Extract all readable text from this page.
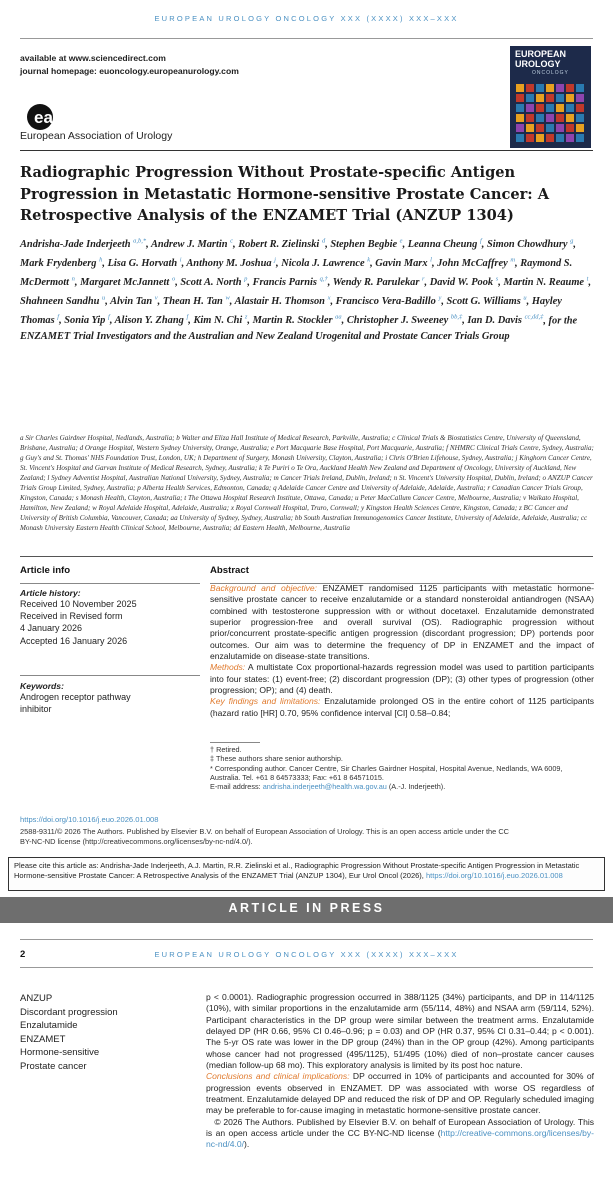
EUROPEAN UROLOGY ONCOLOGY XXX (XXXX) XXX–XXX
available at www.sciencedirect.com
journal homepage: euoncology.europeanurology.com
EUROPEAN
UROLOGY
ONCOLOGY
eau
European Association of Urology
Radiographic Progression Without Prostate-specific Antigen Progression in Metastatic Hormone-sensitive Prostate Cancer: A Retrospective Analysis of the ENZAMET Trial (ANZUP 1304)
Andrisha-Jade Inderjeeth $^{a,b,*}$, Andrew J. Martin $^c$, Robert R. Zielinski $^d$, Stephen Begbie $^e$, Leanna Cheung $^f$, Simon Chowdhury $^g$, Mark Frydenberg $^h$, Lisa G. Horvath $^i$, Anthony M. Joshua $^j$, Nicola J. Lawrence $^k$, Gavin Marx $^l$, John McCaffrey $^m$, Raymond S. McDermott $^n$, Margaret McJannett $^o$, Scott A. North $^p$, Francis Parnis $^{q,\dagger}$, Wendy R. Parulekar $^r$, David W. Pook $^s$, Martin N. Reaume $^t$, Shahneen Sandhu $^u$, Alvin Tan $^v$, Thean H. Tan $^w$, Alastair H. Thomson $^x$, Francisco Vera-Badillo $^y$, Scott G. Williams $^u$, Hayley Thomas $^f$, Sonia Yip $^f$, Alison Y. Zhang $^f$, Kim N. Chi $^z$, Martin R. Stockler $^{aa}$, Christopher J. Sweeney $^{bb,\ddagger}$, Ian D. Davis $^{cc,dd,\ddagger}$, for the ENZAMET Trial Investigators and the Australian and New Zealand Urogenital and Prostate Cancer Trials Group
a Sir Charles Gairdner Hospital, Nedlands, Australia; b Walter and Eliza Hall Institute of Medical Research, Parkville, Australia; c Clinical Trials & Biostatistics Centre, University of Queensland, Brisbane, Australia; d Orange Hospital, Western Sydney University, Orange, Australia; e Port Macquarie Base Hospital, Port Macquarie, Australia; f NHMRC Clinical Trials Centre, Sydney, Australia; g Guy's and St. Thomas' NHS Foundation Trust, London, UK; h Department of Surgery, Monash University, Clayton, Australia; i Chris O'Brien Lifehouse, Sydney, Australia; j Kinghorn Cancer Centre, St. Vincent's Hospital and Garvan Institute of Medical Research, Sydney, Australia; k Te Puriri o Te Ora, Auckland Health New Zealand and Department of Oncology, University of Auckland, New Zealand; l Sydney Adventist Hospital, Australian National University, Sydney, Australia; m Cancer Trials Ireland, Dublin, Ireland; n St. Vincent's University Hospital, Dublin, Ireland; o ANZUP Cancer Trials Group Limited, Sydney, Australia; p Alberta Health Services, Edmonton, Canada; q Adelaide Cancer Centre and University of Adelaide, Adelaide, Australia; r Canadian Cancer Trials Group, Kingston, Canada; s Monash Health, Clayton, Australia; t The Ottawa Hospital Research Institute, Ottawa, Canada; u Peter MacCallum Cancer Centre, Melbourne, Australia; v Waikato Hospital, Hamilton, New Zealand; w Royal Adelaide Hospital, Adelaide, Australia; x Royal Cornwall Hospital, Truro, Cornwall; y Kingston Health Sciences Centre, Kingston, Canada; z BC Cancer and University of British Columbia, Vancouver, Canada; aa University of Sydney, Sydney, Australia; bb South Australian Immunogenomics Cancer Institute, University of Adelaide, Adelaide, Australia; cc Monash University Eastern Health Clinical School, Melbourne, Australia; dd Eastern Health, Melbourne, Australia
Article info
Article history:
Received 10 November 2025
Received in Revised form
4 January 2026
Accepted 16 January 2026
Keywords:
Androgen receptor pathway
inhibitor
Abstract
Background and objective: ENZAMET randomised 1125 participants with metastatic hormone-sensitive prostate cancer to receive enzalutamide or a standard nonsteroidal antiandrogen (NSAA) combined with testosterone suppression with or without docetaxel. Enzalutamide demonstrated superior progression-free and overall survival (OS). Radiographic progression without prior/concurrent prostate-specific antigen progression (discordant progression; DP) portends poor outcomes. Our aim was to determine the frequency of DP in ENZAMET and the impact of enzalutamide on disease-state transitions.
Methods: A multistate Cox proportional-hazards regression model was used to partition participants into four states: (1) event-free; (2) discordant progression (DP); (3) other types of progression (other progression; OP); and (4) death.
Key findings and limitations: Enzalutamide prolonged OS in the entire cohort of 1125 participants (hazard ratio [HR] 0.70, 95% confidence interval [CI] 0.58–0.84;
† Retired.
‡ These authors share senior authorship.
* Corresponding author. Cancer Centre, Sir Charles Gairdner Hospital, Hospital Avenue, Nedlands, WA 6009, Australia. Tel. +61 8 64573333; Fax: +61 8 64571015.
E-mail address: andrisha.inderjeeth@health.wa.gov.au (A.-J. Inderjeeth).
https://doi.org/10.1016/j.euo.2026.01.008
2588-9311/© 2026 The Authors. Published by Elsevier B.V. on behalf of European Association of Urology. This is an open access article under the CC BY-NC-ND license (http://creativecommons.org/licenses/by-nc-nd/4.0/).
Please cite this article as: Andrisha-Jade Inderjeeth, A.J. Martin, R.R. Zielinski et al., Radiographic Progression Without Prostate-specific Antigen Progression in Metastatic Hormone-sensitive Prostate Cancer: A Retrospective Analysis of the ENZAMET Trial (ANZUP 1304), Eur Urol Oncol (2026), https://doi.org/10.1016/j.euo.2026.01.008
ARTICLE IN PRESS
2	EUROPEAN UROLOGY ONCOLOGY XXX (XXXX) XXX–XXX
ANZUP
Discordant progression
Enzalutamide
ENZAMET
Hormone-sensitive
Prostate cancer
p < 0.0001). Radiographic progression occurred in 388/1125 (34%) participants, and DP in 114/1125 (10%), with similar proportions in the enzalutamide arm (55/114, 48%) and NSAA arm (59/114, 52%). Participant characteristics in the DP group were similar between the treatment arms. Enzalutamide delayed DP (HR 0.66, 95% CI 0.46–0.96; p = 0.03) and OP (HR 0.37, 95% CI 0.31–0.44; p < 0.001). The 5-yr OS rate was lower in the DP group (24%) than in the OP group (42%). Among participants whose cancer had not progressed (495/1125), 51/495 (10%) died of non–prostate cancer causes (median follow-up 68 mo). This exploratory analysis is limited by its post hoc nature.
Conclusions and clinical implications: DP occurred in 10% of participants and accounted for 30% of progression events observed in ENZAMET. DP was associated with worse OS regardless of treatment. Enzalutamide delayed DP and reduced the risk of DP and OP. Regularly scheduled imaging may be preferable to for-cause imaging in metastatic hormone-sensitive prostate cancer.
© 2026 The Authors. Published by Elsevier B.V. on behalf of European Association of Urology. This is an open access article under the CC BY-NC-ND license (http://creative-commons.org/licenses/by-nc-nd/4.0/).
